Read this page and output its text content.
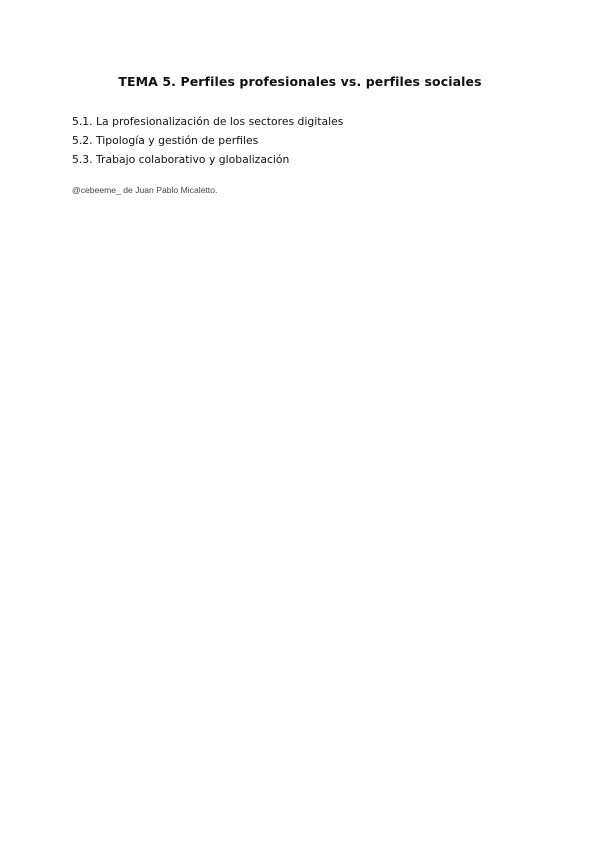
TEMA 5. Perfiles profesionales vs. perfiles sociales
5.1. La profesionalización de los sectores digitales
5.2. Tipología y gestión de perfiles
5.3. Trabajo colaborativo y globalización
@cebeeme_ de Juan Pablo Micaletto.
